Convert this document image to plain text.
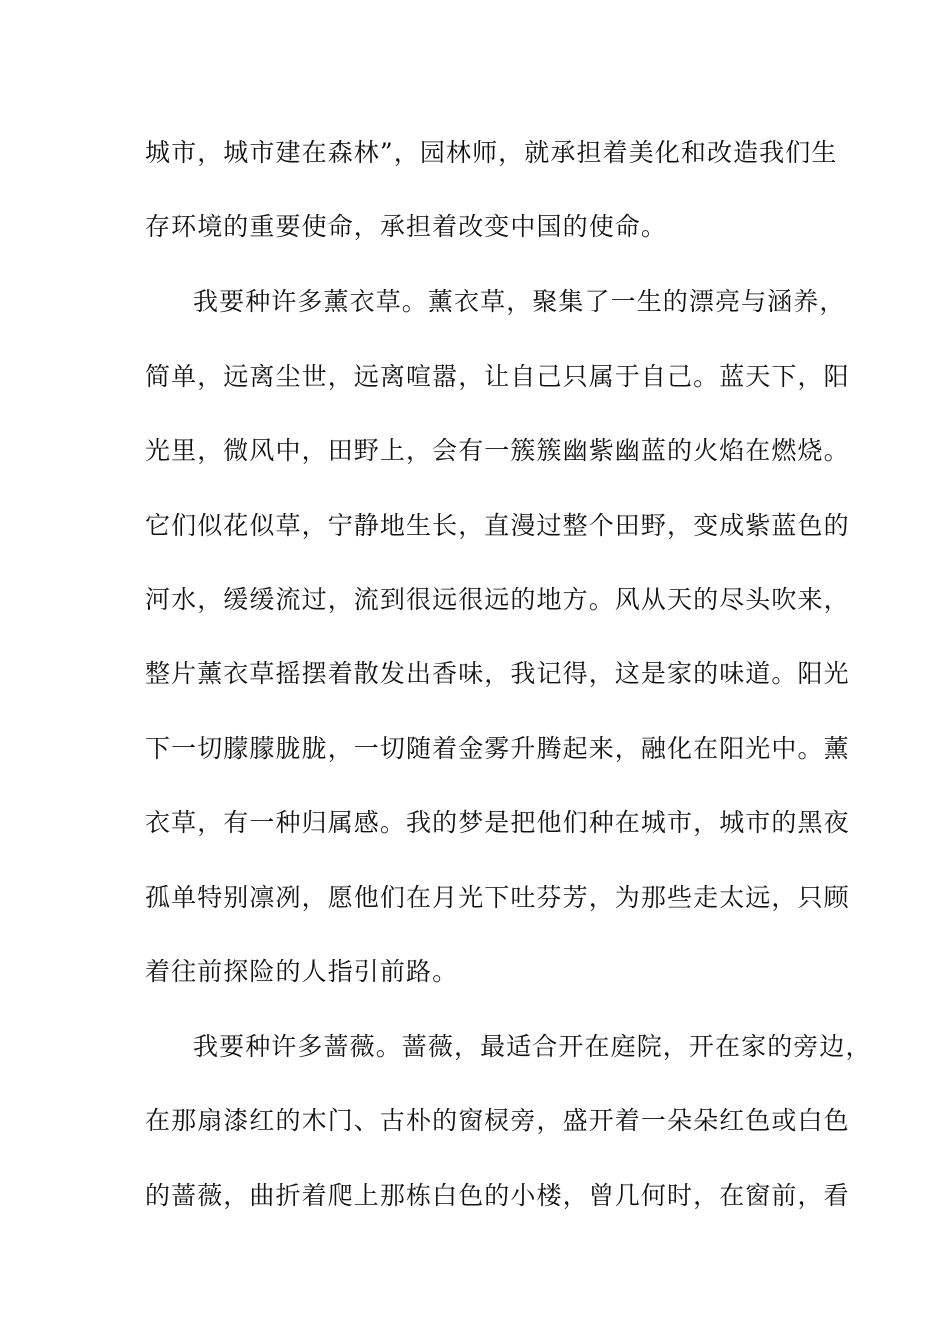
城市，城市建在森林”，园林师，就承担着美化和改造我们生
存环境的重要使命，承担着改变中国的使命。
我要种许多薰衣草。薰衣草，聚集了一生的漂亮与涵养，
简单，远离尘世，远离喧嚣，让自己只属于自己。蓝天下，阳
光里，微风中，田野上，会有一簇簇幽紫幽蓝的火焰在燃烧。
它们似花似草，宁静地生长，直漫过整个田野，变成紫蓝色的
河水，缓缓流过，流到很远很远的地方。风从天的尽头吹来，
整片薰衣草摇摆着散发出香味，我记得，这是家的味道。阳光
下一切朦朦胧胧，一切随着金雾升腾起来，融化在阳光中。薰
衣草，有一种归属感。我的梦是把他们种在城市，城市的黑夜
孤单特别凛冽，愿他们在月光下吐芬芳，为那些走太远，只顾
着往前探险的人指引前路。
我要种许多蔷薇。蔷薇，最适合开在庭院，开在家的旁边，
在那扇漆红的木门、古朴的窗棂旁，盛开着一朵朵红色或白色
的蔷薇，曲折着爬上那栋白色的小楼，曾几何时，在窗前，看
